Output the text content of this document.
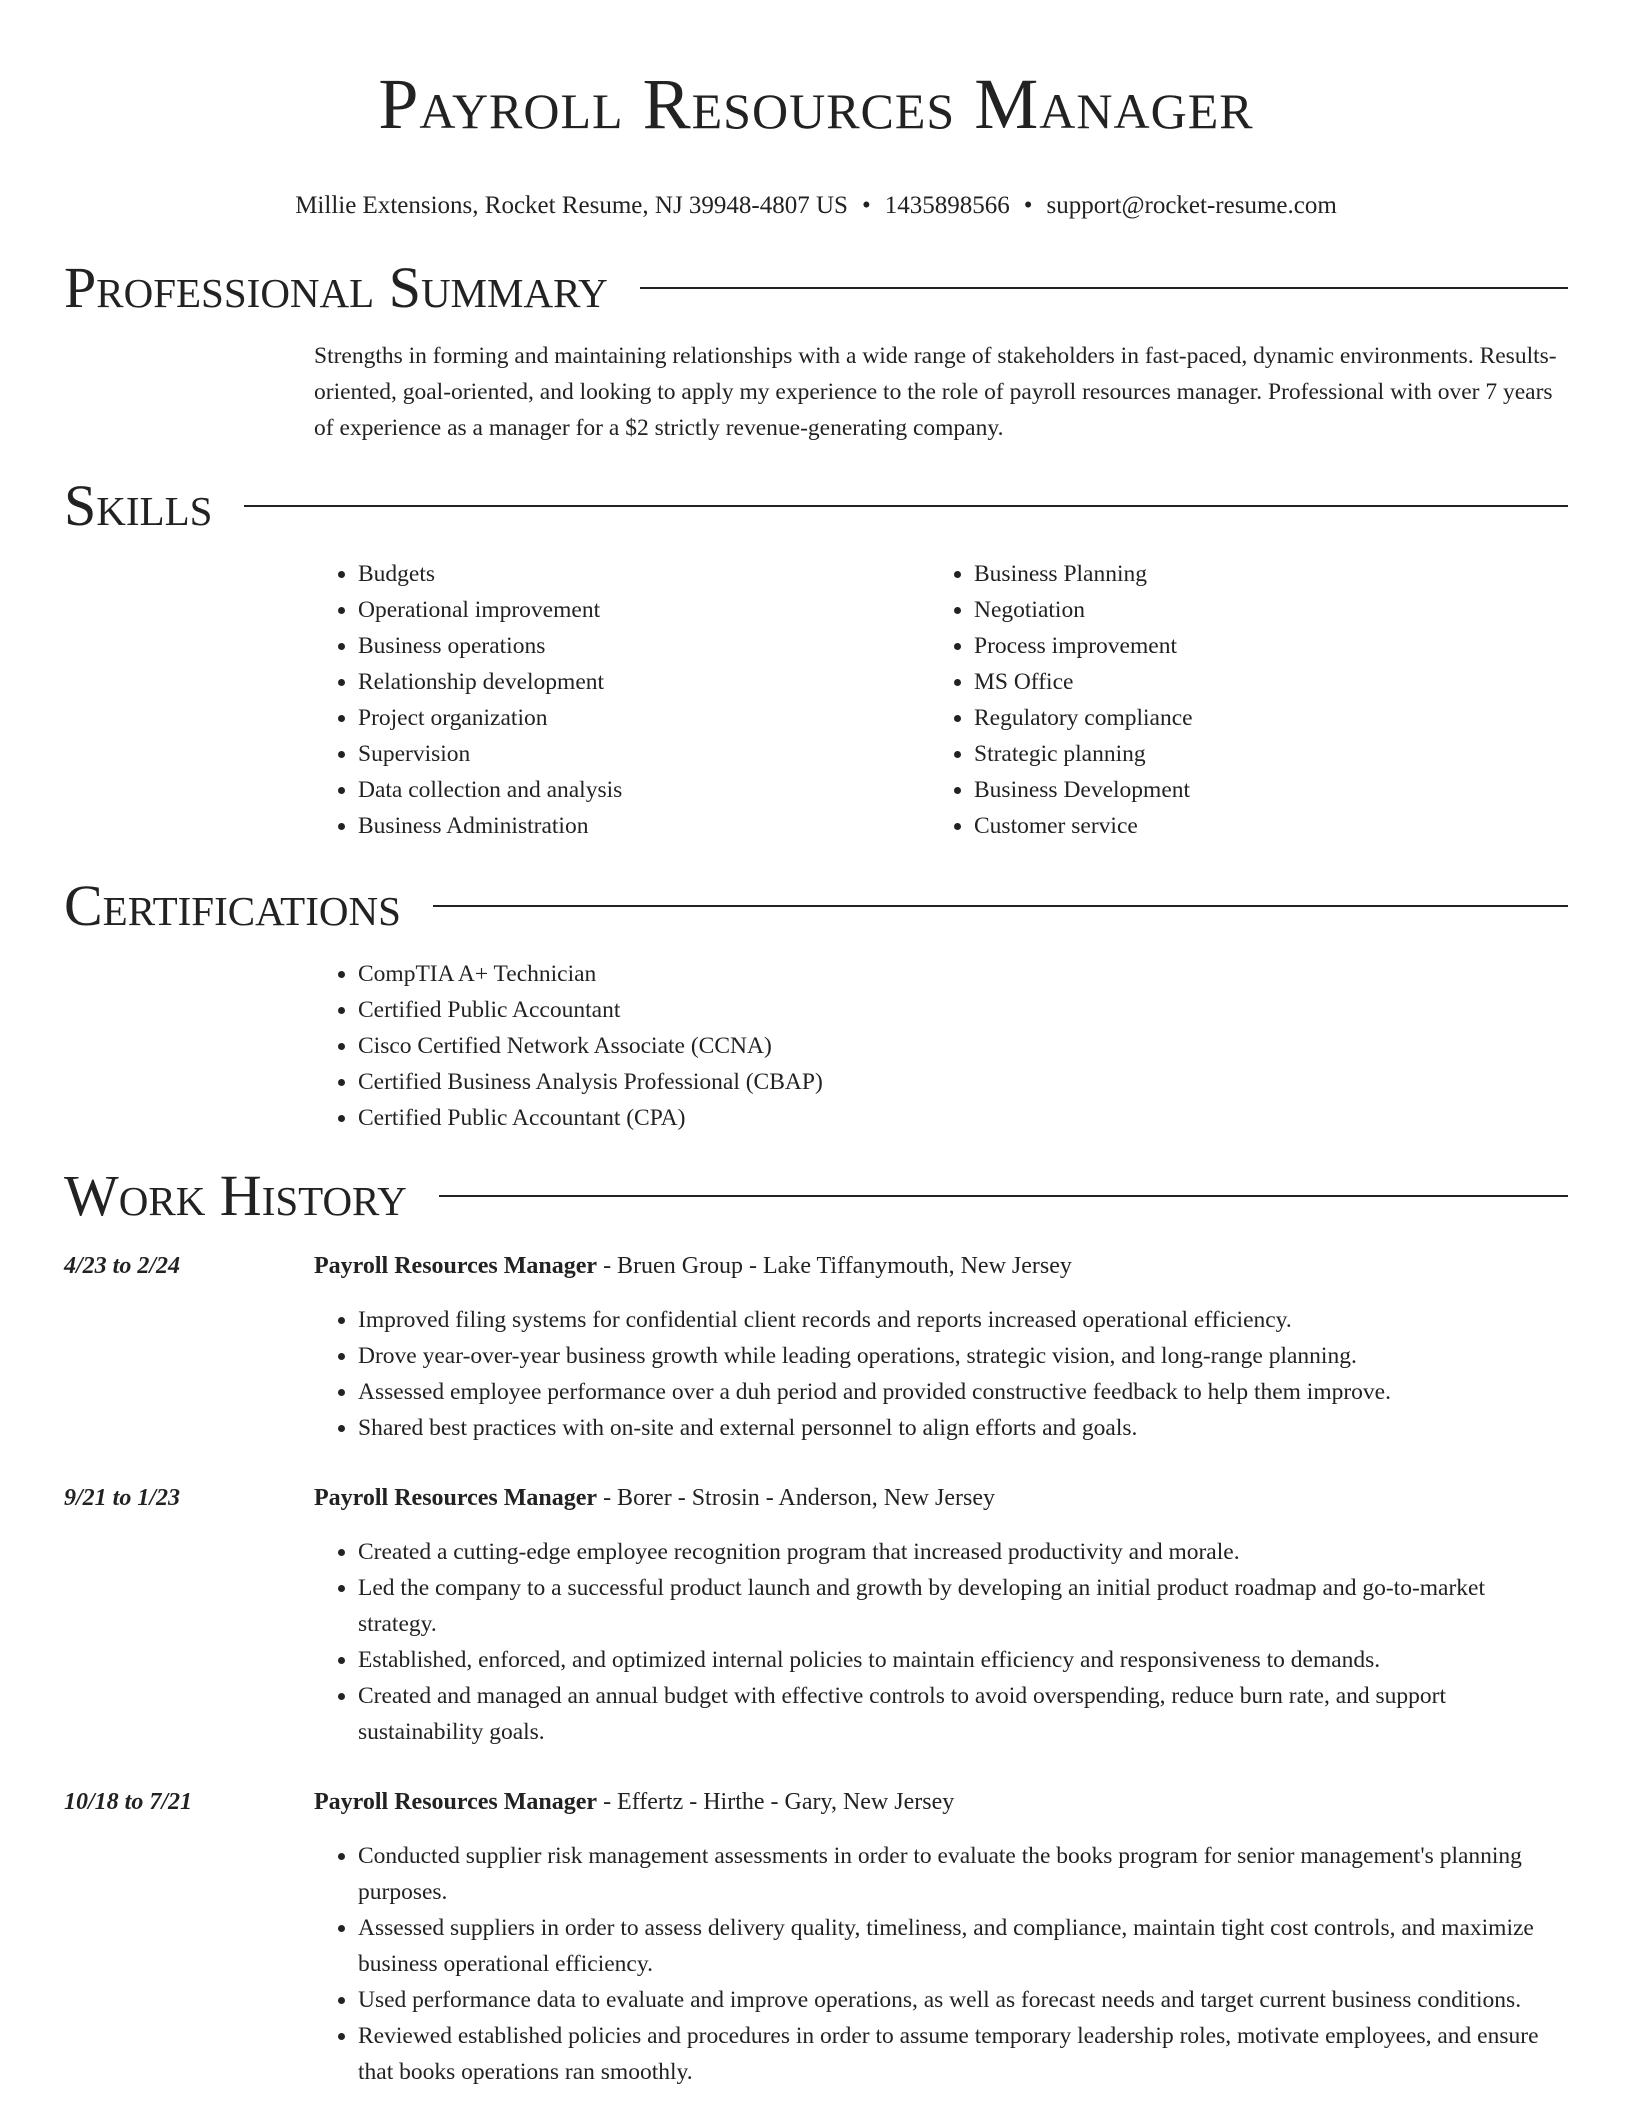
Payroll Resources Manager
Millie Extensions, Rocket Resume, NJ 39948-4807 US • 1435898566 • support@rocket-resume.com
Professional Summary
Strengths in forming and maintaining relationships with a wide range of stakeholders in fast-paced, dynamic environments. Results-oriented, goal-oriented, and looking to apply my experience to the role of payroll resources manager. Professional with over 7 years of experience as a manager for a $2 strictly revenue-generating company.
Skills
• Budgets
• Operational improvement
• Business operations
• Relationship development
• Project organization
• Supervision
• Data collection and analysis
• Business Administration
• Business Planning
• Negotiation
• Process improvement
• MS Office
• Regulatory compliance
• Strategic planning
• Business Development
• Customer service
Certifications
• CompTIA A+ Technician
• Certified Public Accountant
• Cisco Certified Network Associate (CCNA)
• Certified Business Analysis Professional (CBAP)
• Certified Public Accountant (CPA)
Work History
4/23 to 2/24	Payroll Resources Manager - Bruen Group - Lake Tiffanymouth, New Jersey
• Improved filing systems for confidential client records and reports increased operational efficiency.
• Drove year-over-year business growth while leading operations, strategic vision, and long-range planning.
• Assessed employee performance over a duh period and provided constructive feedback to help them improve.
• Shared best practices with on-site and external personnel to align efforts and goals.
9/21 to 1/23	Payroll Resources Manager - Borer - Strosin - Anderson, New Jersey
• Created a cutting-edge employee recognition program that increased productivity and morale.
• Led the company to a successful product launch and growth by developing an initial product roadmap and go-to-market strategy.
• Established, enforced, and optimized internal policies to maintain efficiency and responsiveness to demands.
• Created and managed an annual budget with effective controls to avoid overspending, reduce burn rate, and support sustainability goals.
10/18 to 7/21	Payroll Resources Manager - Effertz - Hirthe - Gary, New Jersey
• Conducted supplier risk management assessments in order to evaluate the books program for senior management's planning purposes.
• Assessed suppliers in order to assess delivery quality, timeliness, and compliance, maintain tight cost controls, and maximize business operational efficiency.
• Used performance data to evaluate and improve operations, as well as forecast needs and target current business conditions.
• Reviewed established policies and procedures in order to assume temporary leadership roles, motivate employees, and ensure that books operations ran smoothly.
